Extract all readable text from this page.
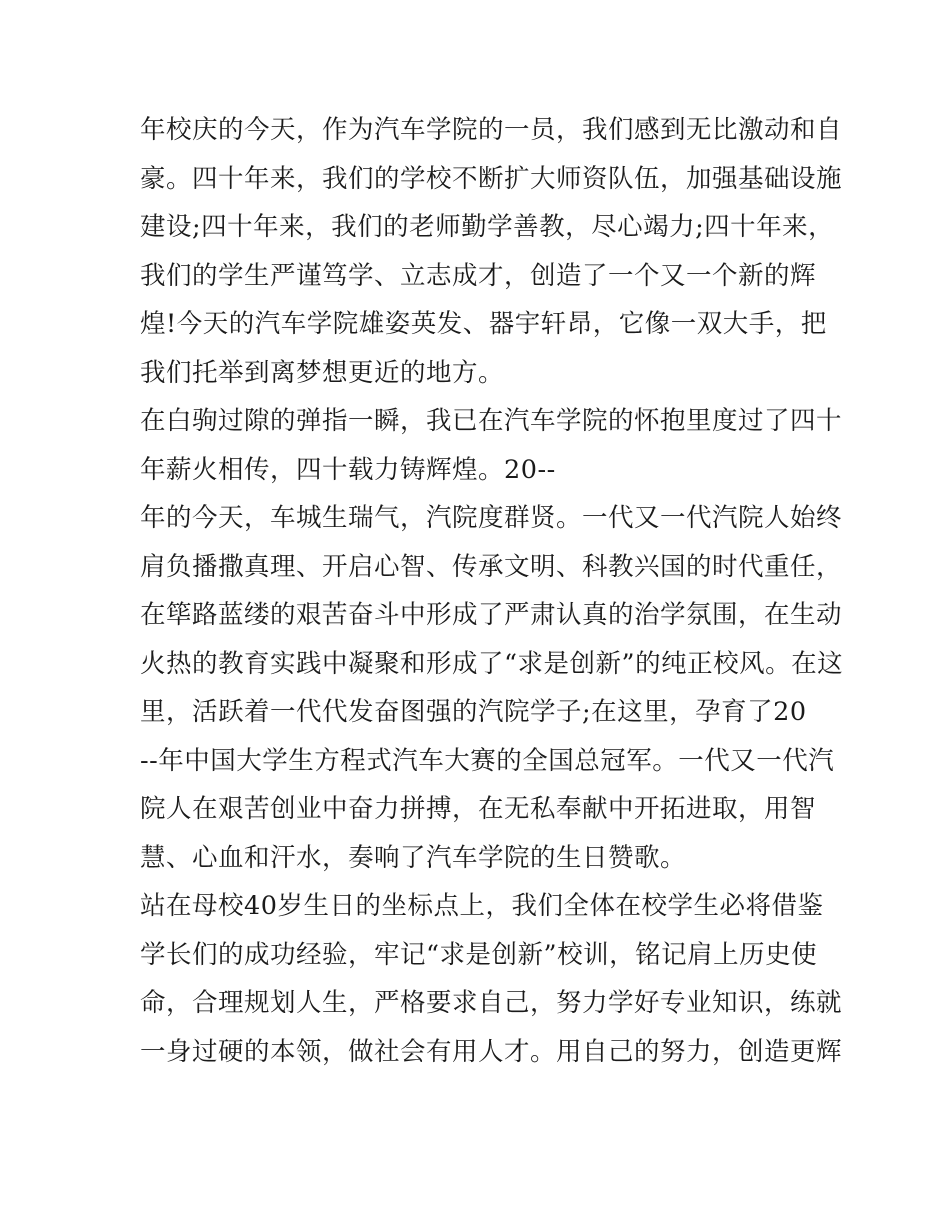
年校庆的今天，作为汽车学院的一员，我们感到无比激动和自
豪。四十年来，我们的学校不断扩大师资队伍，加强基础设施
建设;四十年来，我们的老师勤学善教，尽心竭力;四十年来，
我们的学生严谨笃学、立志成才，创造了一个又一个新的辉
煌!今天的汽车学院雄姿英发、器宇轩昂，它像一双大手，把
我们托举到离梦想更近的地方。
在白驹过隙的弹指一瞬，我已在汽车学院的怀抱里度过了四十
年薪火相传，四十载力铸辉煌。20--
年的今天，车城生瑞气，汽院度群贤。一代又一代汽院人始终
肩负播撒真理、开启心智、传承文明、科教兴国的时代重任，
在筚路蓝缕的艰苦奋斗中形成了严肃认真的治学氛围，在生动
火热的教育实践中凝聚和形成了“求是创新”的纯正校风。在这
里，活跃着一代代发奋图强的汽院学子;在这里，孕育了20
--年中国大学生方程式汽车大赛的全国总冠军。一代又一代汽
院人在艰苦创业中奋力拼搏，在无私奉献中开拓进取，用智
慧、心血和汗水，奏响了汽车学院的生日赞歌。
站在母校40岁生日的坐标点上，我们全体在校学生必将借鉴
学长们的成功经验，牢记“求是创新”校训，铭记肩上历史使
命，合理规划人生，严格要求自己，努力学好专业知识，练就
一身过硬的本领，做社会有用人才。用自己的努力，创造更辉
